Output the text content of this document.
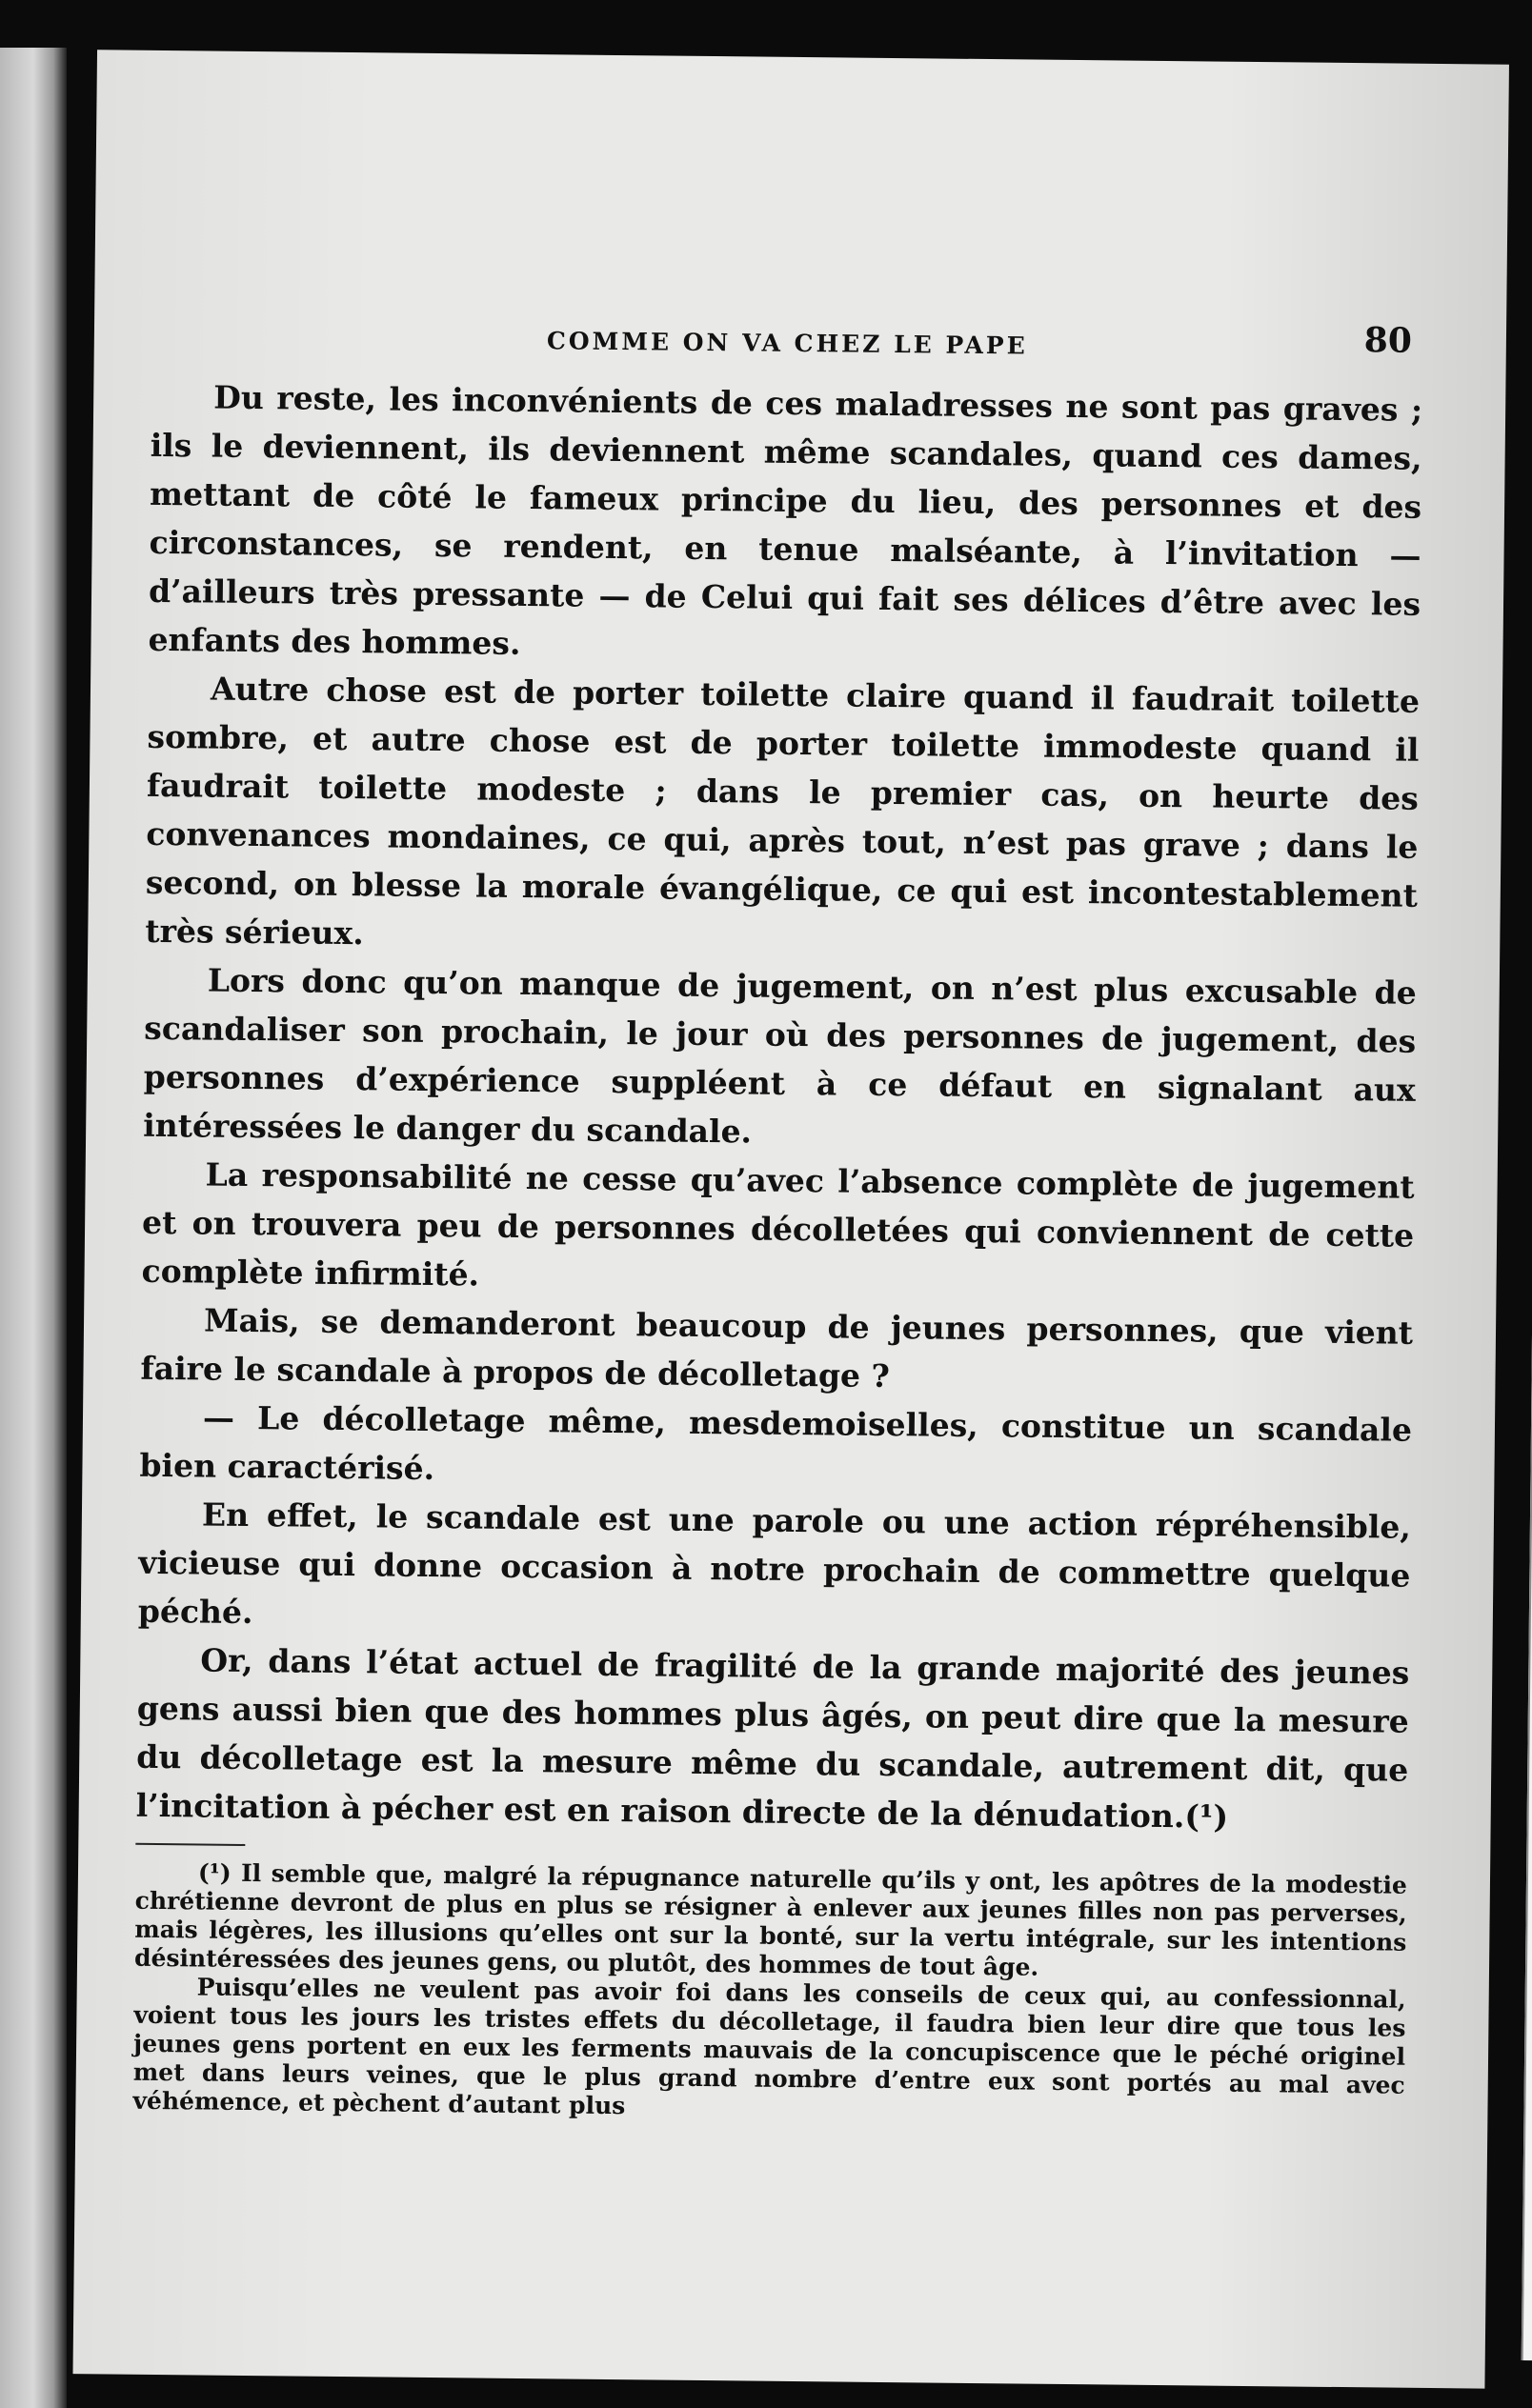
COMME ON VA CHEZ LE PAPE	80

Du reste, les inconvénients de ces maladresses ne sont pas graves ; ils le deviennent, ils deviennent même scandales, quand ces dames, mettant de côté le fameux principe du lieu, des personnes et des circonstances, se rendent, en tenue malséante, à l’invitation — d’ailleurs très pressante — de Celui qui fait ses délices d’être avec les enfants des hommes.

Autre chose est de porter toilette claire quand il faudrait toilette sombre, et autre chose est de porter toilette immodeste quand il faudrait toilette modeste ; dans le premier cas, on heurte des convenances mondaines, ce qui, après tout, n’est pas grave ; dans le second, on blesse la morale évangélique, ce qui est incontestablement très sérieux.

Lors donc qu’on manque de jugement, on n’est plus excusable de scandaliser son prochain, le jour où des personnes de jugement, des personnes d’expérience suppléent à ce défaut en signalant aux intéressées le danger du scandale.

La responsabilité ne cesse qu’avec l’absence complète de jugement et on trouvera peu de personnes décolletées qui conviennent de cette complète infirmité.

Mais, se demanderont beaucoup de jeunes personnes, que vient faire le scandale à propos de décolletage ?

— Le décolletage même, mesdemoiselles, constitue un scandale bien caractérisé.

En effet, le scandale est une parole ou une action répréhensible, vicieuse qui donne occasion à notre prochain de commettre quelque péché.

Or, dans l’état actuel de fragilité de la grande majorité des jeunes gens aussi bien que des hommes plus âgés, on peut dire que la mesure du décolletage est la mesure même du scandale, autrement dit, que l’incitation à pécher est en raison directe de la dénudation.(¹)

(¹) Il semble que, malgré la répugnance naturelle qu’ils y ont, les apôtres de la modestie chrétienne devront de plus en plus se résigner à enlever aux jeunes filles non pas perverses, mais légères, les illusions qu’elles ont sur la bonté, sur la vertu intégrale, sur les intentions désintéressées des jeunes gens, ou plutôt, des hommes de tout âge.

Puisqu’elles ne veulent pas avoir foi dans les conseils de ceux qui, au confessionnal, voient tous les jours les tristes effets du décolletage, il faudra bien leur dire que tous les jeunes gens portent en eux les ferments mauvais de la concupiscence que le péché originel met dans leurs veines, que le plus grand nombre d’entre eux sont portés au mal avec véhémence, et pèchent d’autant plus
